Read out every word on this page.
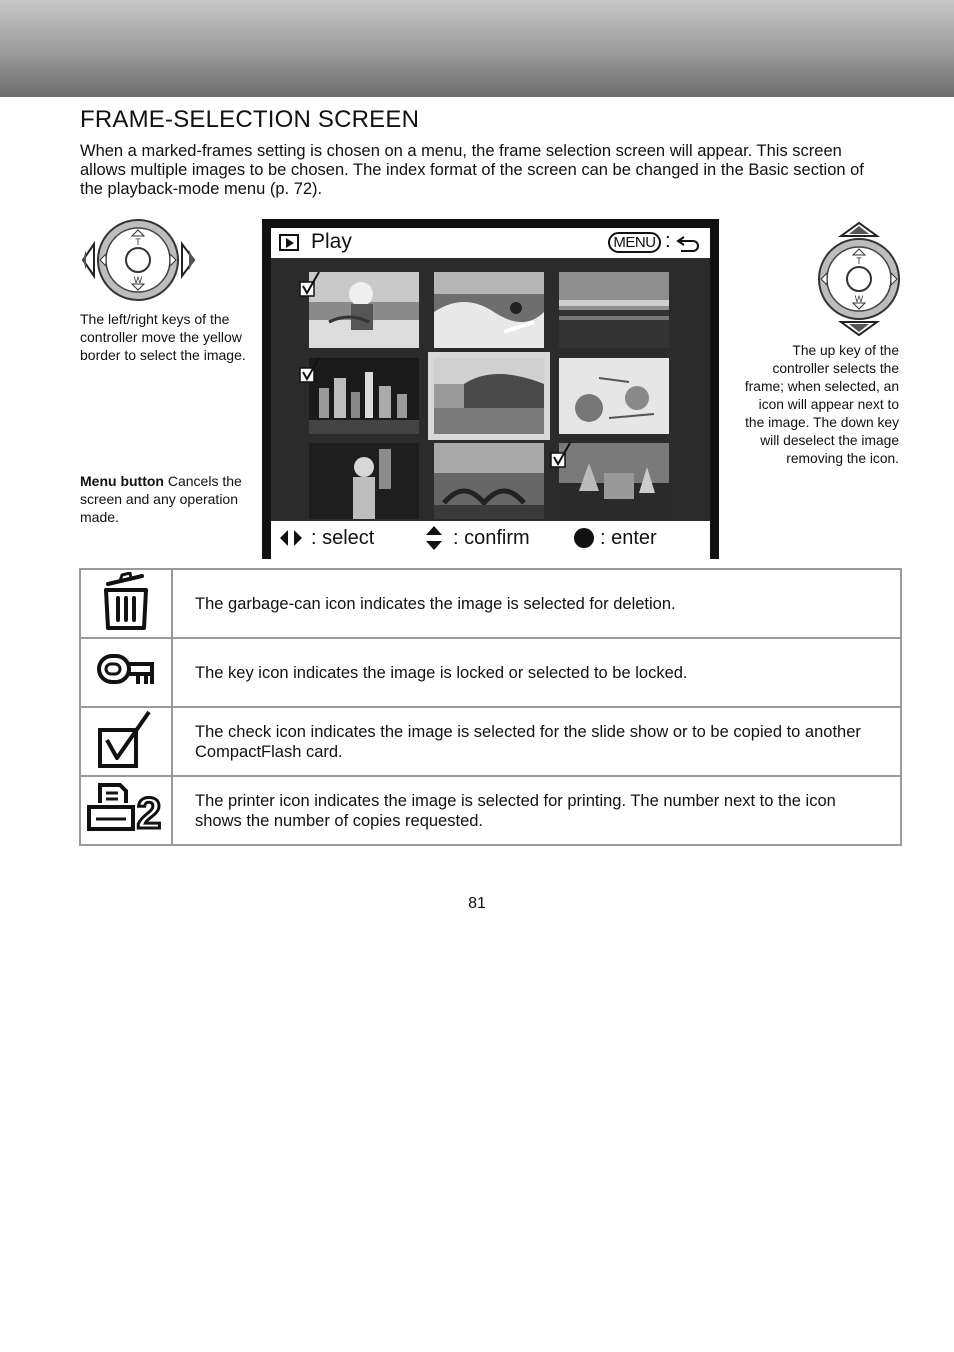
FRAME-SELECTION SCREEN

When a marked-frames setting is chosen on a menu, the frame selection screen will appear. This screen allows multiple images to be chosen. The index format of the screen can be changed in the Basic section of the playback-mode menu (p. 72).

T
W

The left/right keys of the controller move the yellow border to select the image.

Menu button Cancels the screen and any operation made.

T
W

The up key of the controller selects the frame; when selected, an icon will appear next to the image. The down key will deselect the image removing the icon.

Play	MENU :
: select	: confirm	: enter
	The garbage-can icon indicates the image is selected for deletion.
	The key icon indicates the image is locked or selected to be locked.
	The check icon indicates the image is selected for the slide show or to be copied to another CompactFlash card.

2	The printer icon indicates the image is selected for printing. The number next to the icon shows the number of copies requested.
81
